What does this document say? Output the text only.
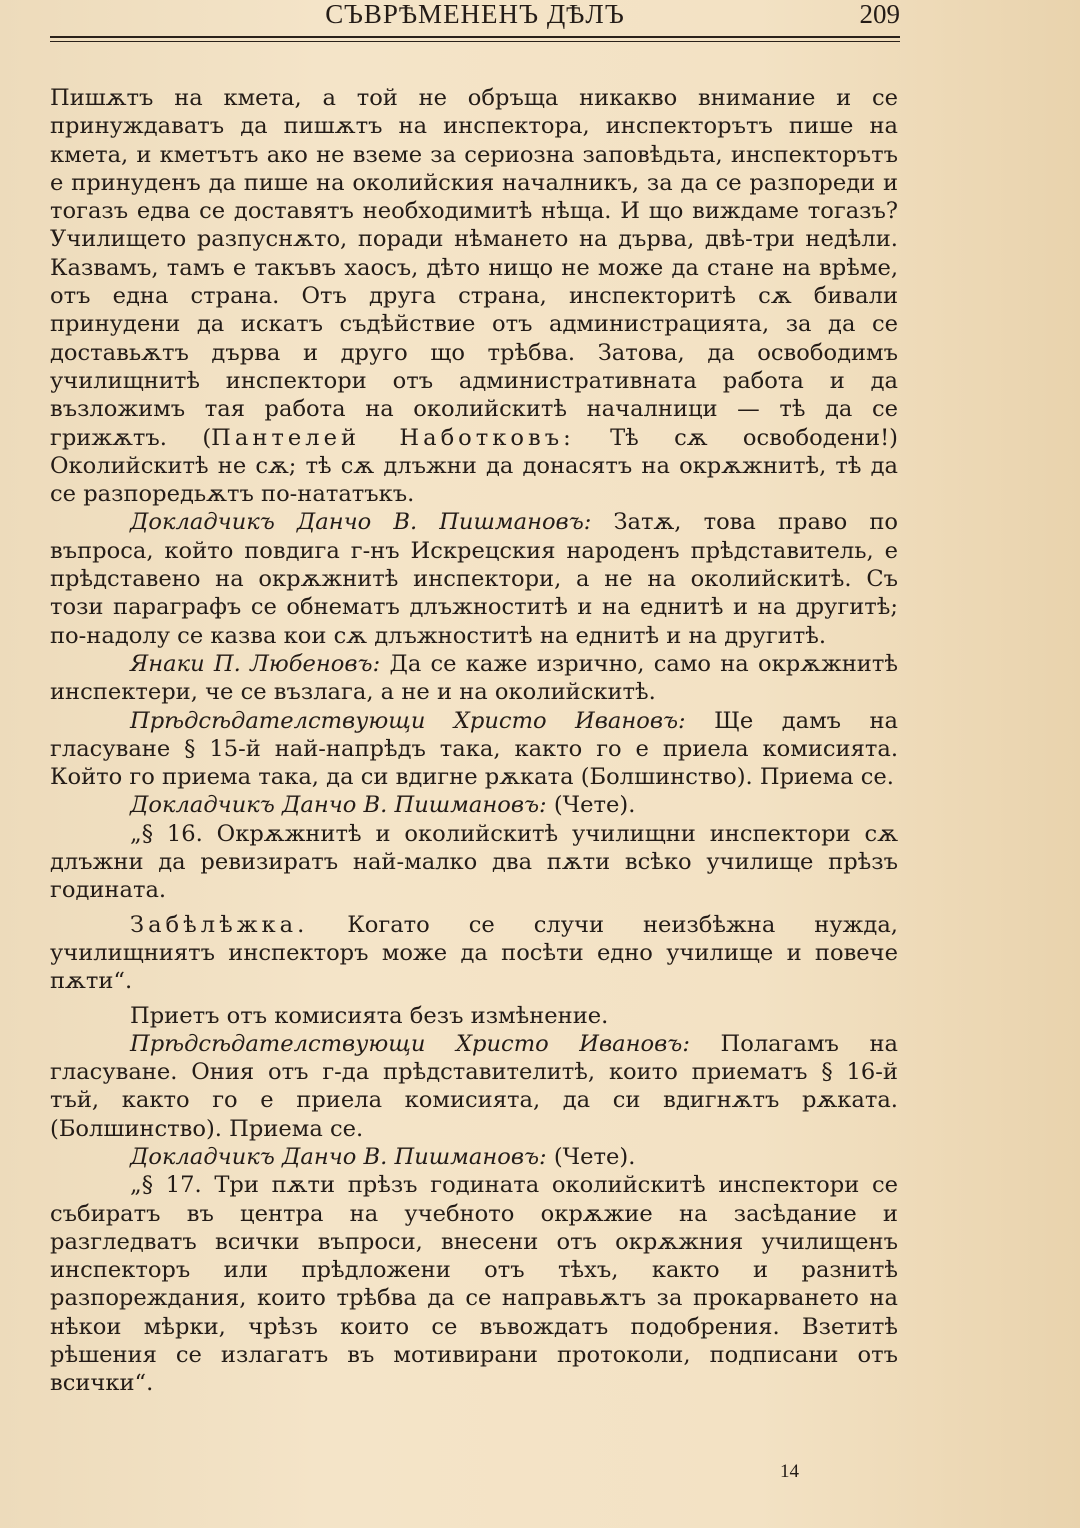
СЪВРѢМЕНЕНЪ ДѢЛЪ	209

Пишѫтъ на кмета, а той не обръща никакво внимание и се принуждаватъ да пишѫтъ на инспектора, инспекторътъ пише на кмета, и кметътъ ако не вземе за сериозна заповѣдьта, инспекторътъ е принуденъ да пише на околийския началникъ, за да се разпореди и тогазъ едва се доставятъ необходимитѣ нѣща. И що виждаме тогазъ? Училището разпуснѫто, поради нѣмането на дърва, двѣ-три недѣли. Казвамъ, тамъ е такъвъ хаосъ, дѣто нищо не може да стане на врѣме, отъ една страна. Отъ друга страна, инспекторитѣ сѫ бивали принудени да искатъ съдѣйствие отъ администрацията, за да се доставьѫтъ дърва и друго що трѣбва. Затова, да освободимъ училищнитѣ инспектори отъ административната работа и да възложимъ тая работа на околийскитѣ началници — тѣ да се грижѫтъ. (Пантелей Наботковъ: Тѣ сѫ освободени!) Околийскитѣ не сѫ; тѣ сѫ длъжни да донасятъ на окрѫжнитѣ, тѣ да се разпоредьѫтъ по-нататъкъ.

Докладчикъ Данчо В. Пишмановъ: Затѫ, това право по въпроса, който повдига г-нъ Искрецския народенъ прѣдставитель, е прѣдставено на окрѫжнитѣ инспектори, а не на околийскитѣ. Съ този параграфъ се обнематъ длъжноститѣ и на еднитѣ и на другитѣ; по-надолу се казва кои сѫ длъжноститѣ на еднитѣ и на другитѣ.

Янаки П. Любеновъ: Да се каже изрично, само на окрѫжнитѣ инспектери, че се възлага, а не и на околийскитѣ.

Прѣдсѣдателствующи Христо Ивановъ: Ще дамъ на гласуване § 15-й най-напрѣдъ така, както го е приела комисията. Който го приема така, да си вдигне рѫката (Болшинство). Приема се.

Докладчикъ Данчо В. Пишмановъ: (Чете).

„§ 16. Окрѫжнитѣ и околийскитѣ училищни инспектори сѫ длъжни да ревизиратъ най-малко два пѫти всѣко училище прѣзъ годината.

Забѣлѣжка. Когато се случи неизбѣжна нужда, училищниятъ инспекторъ може да посѣти едно училище и повече пѫти“.

Приетъ отъ комисията безъ измѣнение.

Прѣдсѣдателствующи Христо Ивановъ: Полагамъ на гласуване. Ония отъ г-да прѣдставителитѣ, които приематъ § 16-й тъй, както го е приела комисията, да си вдигнѫтъ рѫката. (Болшинство). Приема се.

Докладчикъ Данчо В. Пишмановъ: (Чете).

„§ 17. Три пѫти прѣзъ годината околийскитѣ инспектори се събиратъ въ центра на учебното окрѫжие на засѣдание и разгледватъ всички въпроси, внесени отъ окрѫжния училищенъ инспекторъ или прѣдложени отъ тѣхъ, както и разнитѣ разпореждания, които трѣбва да се направьѫтъ за прокарването на нѣкои мѣрки, чрѣзъ които се въвождатъ подобрения. Взетитѣ рѣшения се излагатъ въ мотивирани протоколи, подписани отъ всички“.

14
